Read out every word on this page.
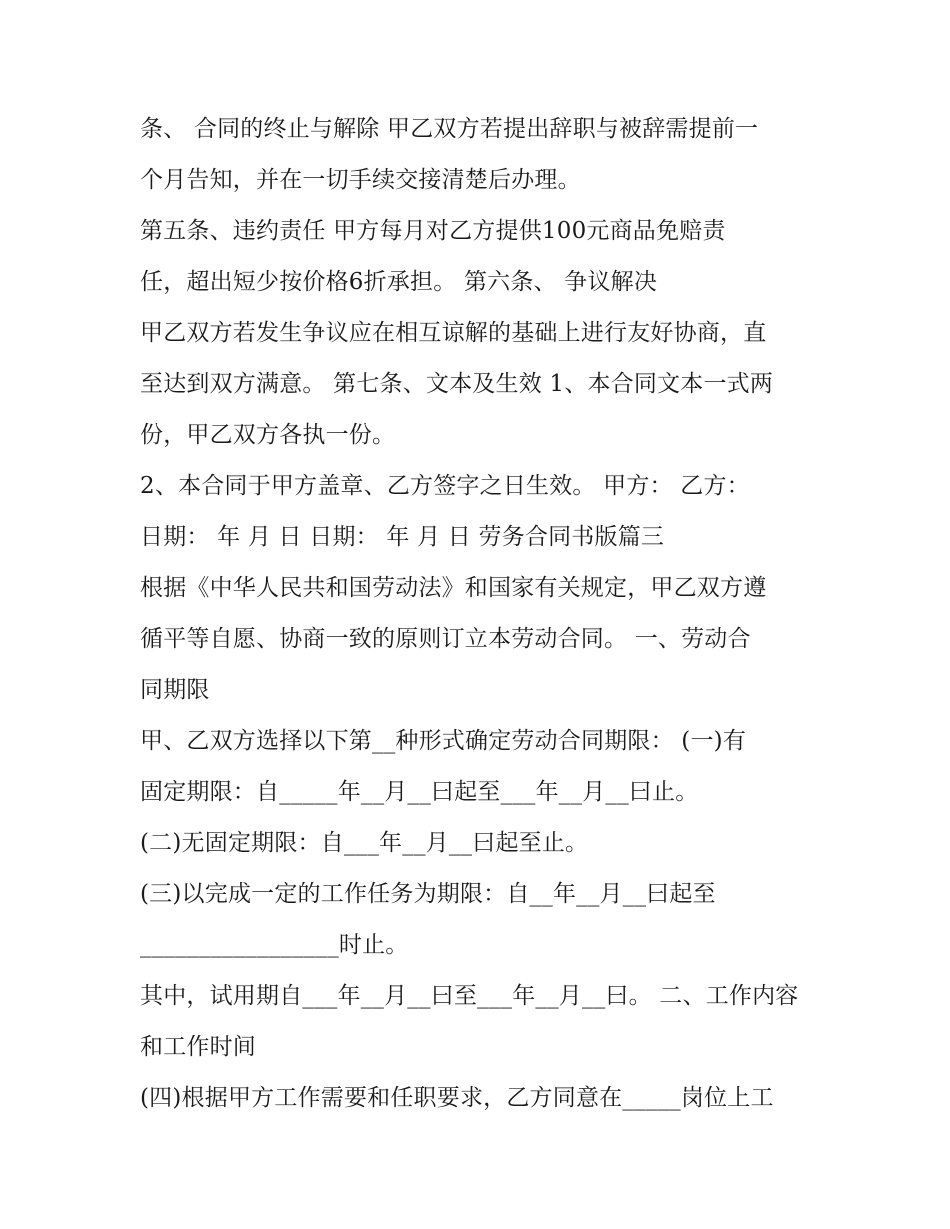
条、 合同的终止与解除 甲乙双方若提出辞职与被辞需提前一
个月告知，并在一切手续交接清楚后办理。
第五条、违约责任 甲方每月对乙方提供100元商品免赔责
任，超出短少按价格6折承担。 第六条、 争议解决
甲乙双方若发生争议应在相互谅解的基础上进行友好协商，直
至达到双方满意。 第七条、文本及生效 1、本合同文本一式两
份，甲乙双方各执一份。
2、本合同于甲方盖章、乙方签字之日生效。 甲方： 乙方：
日期： 年 月 日 日期： 年 月 日 劳务合同书版篇三
根据《中华人民共和国劳动法》和国家有关规定，甲乙双方遵
循平等自愿、协商一致的原则订立本劳动合同。 一、劳动合
同期限
甲、乙双方选择以下第__种形式确定劳动合同期限： (一)有
固定期限：自_____年__月__曰起至___年__月__曰止。
(二)无固定期限：自___年__月__曰起至止。
(三)以完成一定的工作任务为期限：自__年__月__曰起至
_________________时止。
其中，试用期自___年__月__曰至___年__月__曰。 二、工作内容
和工作时间
(四)根据甲方工作需要和任职要求，乙方同意在_____岗位上工
